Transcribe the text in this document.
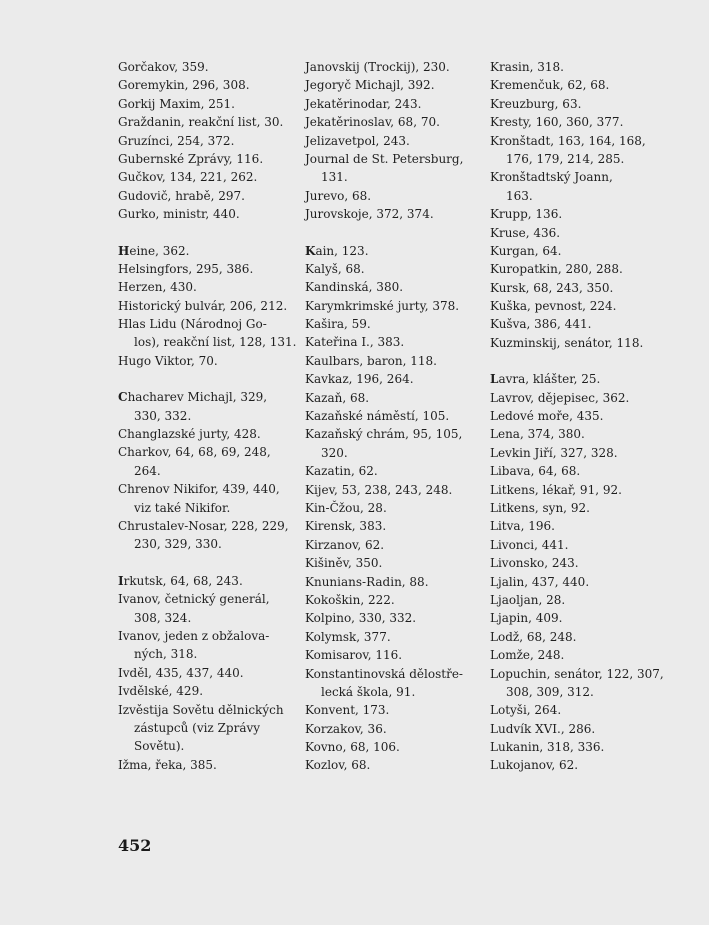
Gorčakov, 359.
Goremykin, 296, 308.
Gorkij Maxim, 251.
Graždanin, reakční list, 30.
Gruzínci, 254, 372.
Gubernské Zprávy, 116.
Gučkov, 134, 221, 262.
Gudovič, hrabě, 297.
Gurko, ministr, 440.
Heine, 362.
Helsingfors, 295, 386.
Herzen, 430.
Historický bulvár, 206, 212.
Hlas Lidu (Národnoj Go-
los), reakční list, 128, 131.
Hugo Viktor, 70.
Chacharev Michajl, 329,
330, 332.
Changlazské jurty, 428.
Charkov, 64, 68, 69, 248,
264.
Chrenov Nikifor, 439, 440,
viz také Nikifor.
Chrustalev-Nosar, 228, 229,
230, 329, 330.
Irkutsk, 64, 68, 243.
Ivanov, četnický generál,
308, 324.
Ivanov, jeden z obžalova-
ných, 318.
Ivděl, 435, 437, 440.
Ivdělské, 429.
Izvěstija Sovětu dělnických
zástupců (viz Zprávy
Sovětu).
Ižma, řeka, 385.
Janovskij (Trockij), 230.
Jegoryč Michajl, 392.
Jekatěrinodar, 243.
Jekatěrinoslav, 68, 70.
Jelizavetpol, 243.
Journal de St. Petersburg,
131.
Jurevo, 68.
Jurovskoje, 372, 374.
Kain, 123.
Kalyš, 68.
Kandinská, 380.
Karymkrimské jurty, 378.
Kaširа, 59.
Kateřina I., 383.
Kaulbars, baron, 118.
Kavkaz, 196, 264.
Kazaň, 68.
Kazaňské náměstí, 105.
Kazaňský chrám, 95, 105,
320.
Kazatin, 62.
Kijev, 53, 238, 243, 248.
Kin-Čžou, 28.
Kirensk, 383.
Kirzanov, 62.
Kišiněv, 350.
Knunians-Radin, 88.
Kokoškin, 222.
Kolpino, 330, 332.
Kolymsk, 377.
Komisarov, 116.
Konstantinovská dělostře-
lecká škola, 91.
Konvent, 173.
Korzakov, 36.
Kovno, 68, 106.
Kozlov, 68.
Krasin, 318.
Kremenčuk, 62, 68.
Kreuzburg, 63.
Kresty, 160, 360, 377.
Kronštadt, 163, 164, 168,
176, 179, 214, 285.
Kronštadtský Joann,
163.
Krupp, 136.
Kruse, 436.
Kurgan, 64.
Kuropatkin, 280, 288.
Kursk, 68, 243, 350.
Kuška, pevnost, 224.
Kušva, 386, 441.
Kuzminskij, senátor, 118.
Lavra, klášter, 25.
Lavrov, dějepisec, 362.
Ledové moře, 435.
Lena, 374, 380.
Levkin Jiří, 327, 328.
Libava, 64, 68.
Litkens, lékař, 91, 92.
Litkens, syn, 92.
Litva, 196.
Livonci, 441.
Livonsko, 243.
Ljalin, 437, 440.
Ljaoljan, 28.
Ljapin, 409.
Lodž, 68, 248.
Lomže, 248.
Lopuchin, senátor, 122, 307,
308, 309, 312.
Lotyši, 264.
Ludvík XVI., 286.
Lukanin, 318, 336.
Lukojanov, 62.
452
